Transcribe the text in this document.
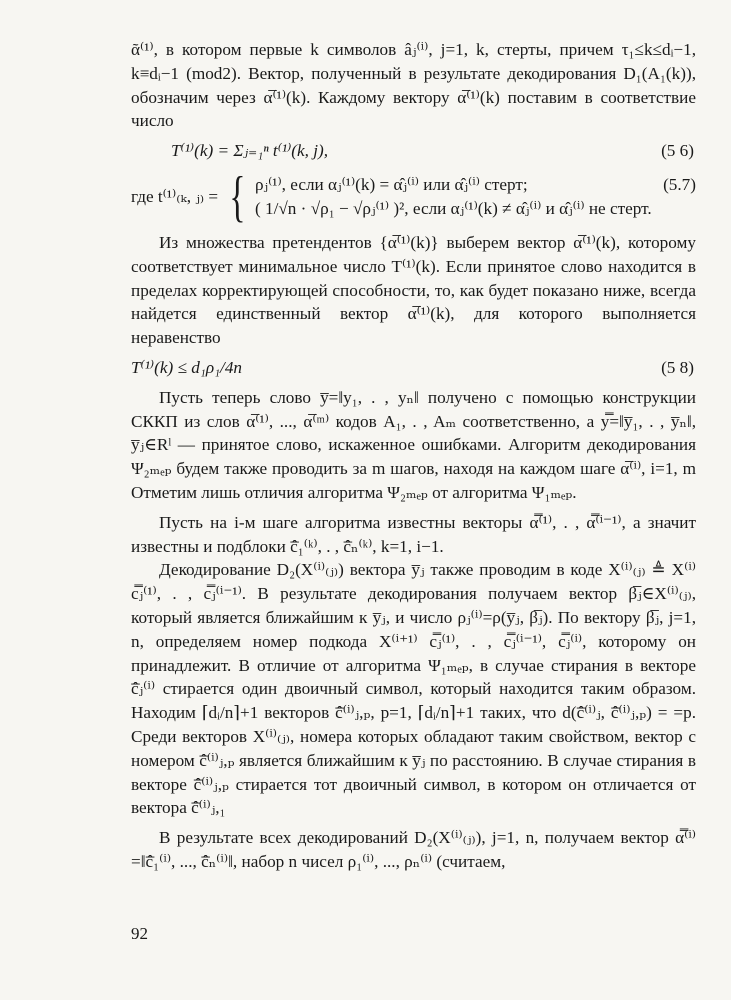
ᾶ⁽¹⁾, в котором первые k символов âⱼ⁽ⁱ⁾, j=1, k, стерты, причем τ₁≤k≤dᵢ−1, k≡dᵢ−1 (mod2). Вектор, полученный в результате декодирования D₁(A₁(k)), обозначим через α̅⁽¹⁾(k). Каждому вектору α̅⁽¹⁾(k) поставим в соответствие число

T⁽¹⁾(k) = Σⱼ₌₁ⁿ t⁽¹⁾(k, j),	(5 6)
где t⁽¹⁾₍ₖ, ⱼ₎ = { ρⱼ⁽¹⁾, если αⱼ⁽¹⁾(k) = α̂ⱼ⁽ⁱ⁾ или α̂ⱼ⁽ⁱ⁾ стерт;	(5.7)
( 1/√n · √ρ₁ − √ρⱼ⁽¹⁾ )², если αⱼ⁽¹⁾(k) ≠ α̂ⱼ⁽ⁱ⁾ и α̂ⱼ⁽ⁱ⁾ не стерт.

Из множества претендентов {α̅⁽¹⁾(k)} выберем вектор α̅⁽¹⁾(k), которому соответствует минимальное число T⁽¹⁾(k). Если принятое слово находится в пределах корректирующей способности, то, как будет показано ниже, всегда найдется единственный вектор α̅⁽¹⁾(k), для которого выполняется неравенство

T⁽¹⁾(k) ≤ d₁ρ₁/4n	(5 8)

Пусть теперь слово y̅=‖y₁, . , yₙ‖ получено с помощью конструкции СККП из слов α̅⁽¹⁾, ..., α̅⁽ᵐ⁾ кодов A₁, . , Aₘ соответственно, а y̿=‖y̅₁, . , y̅ₙ‖, y̅ⱼ∈Rˡ — принятое слово, искаженное ошибками. Алгоритм декодирования Ψ₂ₘₑₚ будем также проводить за m шагов, находя на каждом шаге α̅⁽ⁱ⁾, i=1, m Отметим лишь отличия алгоритма Ψ₂ₘₑₚ от алгоритма Ψ₁ₘₑₚ.

Пусть на i-м шаге алгоритма известны векторы α̿⁽¹⁾, . , α̿⁽ⁱ⁻¹⁾, а значит известны и подблоки c̅̂₁⁽ᵏ⁾, . , c̅̂ₙ⁽ᵏ⁾, k=1, i−1.

Декодирование D₂(X⁽ⁱ⁾₍ⱼ₎) вектора y̅ⱼ также проводим в коде X⁽ⁱ⁾₍ⱼ₎ ≜ X⁽ⁱ⁾ c̿ⱼ⁽¹⁾, . , c̿ⱼ⁽ⁱ⁻¹⁾. В результате декодирования получаем вектор β̅ⱼ∈X⁽ⁱ⁾₍ⱼ₎, который является ближайшим к y̅ⱼ, и число ρⱼ⁽ⁱ⁾=ρ(y̅ⱼ, β̅ⱼ). По вектору β̅ⱼ, j=1, n, определяем номер подкода X⁽ⁱ⁺¹⁾ c̿ⱼ⁽¹⁾, . , c̿ⱼ⁽ⁱ⁻¹⁾, c̿ⱼ⁽ⁱ⁾, которому он принадлежит. В отличие от алгоритма Ψ₁ₘₑₚ, в случае стирания в векторе c̅̂ⱼ⁽ⁱ⁾ стирается один двоичный символ, который находится таким образом. Находим ⌈dᵢ/n⌉+1 векторов c̅̂⁽ⁱ⁾ⱼ,ₚ, p=1, ⌈dᵢ/n⌉+1 таких, что d(c̅̂⁽ⁱ⁾ⱼ, c̅̂⁽ⁱ⁾ⱼ,ₚ) = =p. Среди векторов X⁽ⁱ⁾₍ⱼ₎, номера которых обладают таким свойством, вектор с номером c̅̂⁽ⁱ⁾ⱼ,ₚ является ближайшим к y̅ⱼ по расстоянию. В случае стирания в векторе c̅̂⁽ⁱ⁾ⱼ,ₚ стирается тот двоичный символ, в котором он отличается от вектора c̅̂⁽ⁱ⁾ⱼ,₁

В результате всех декодирований D₂(X⁽ⁱ⁾₍ⱼ₎), j=1, n, получаем вектор α̿⁽ⁱ⁾=‖c̅̂₁⁽ⁱ⁾, ..., c̅̂ₙ⁽ⁱ⁾‖, набор n чисел ρ₁⁽ⁱ⁾, ..., ρₙ⁽ⁱ⁾ (считаем,

92
